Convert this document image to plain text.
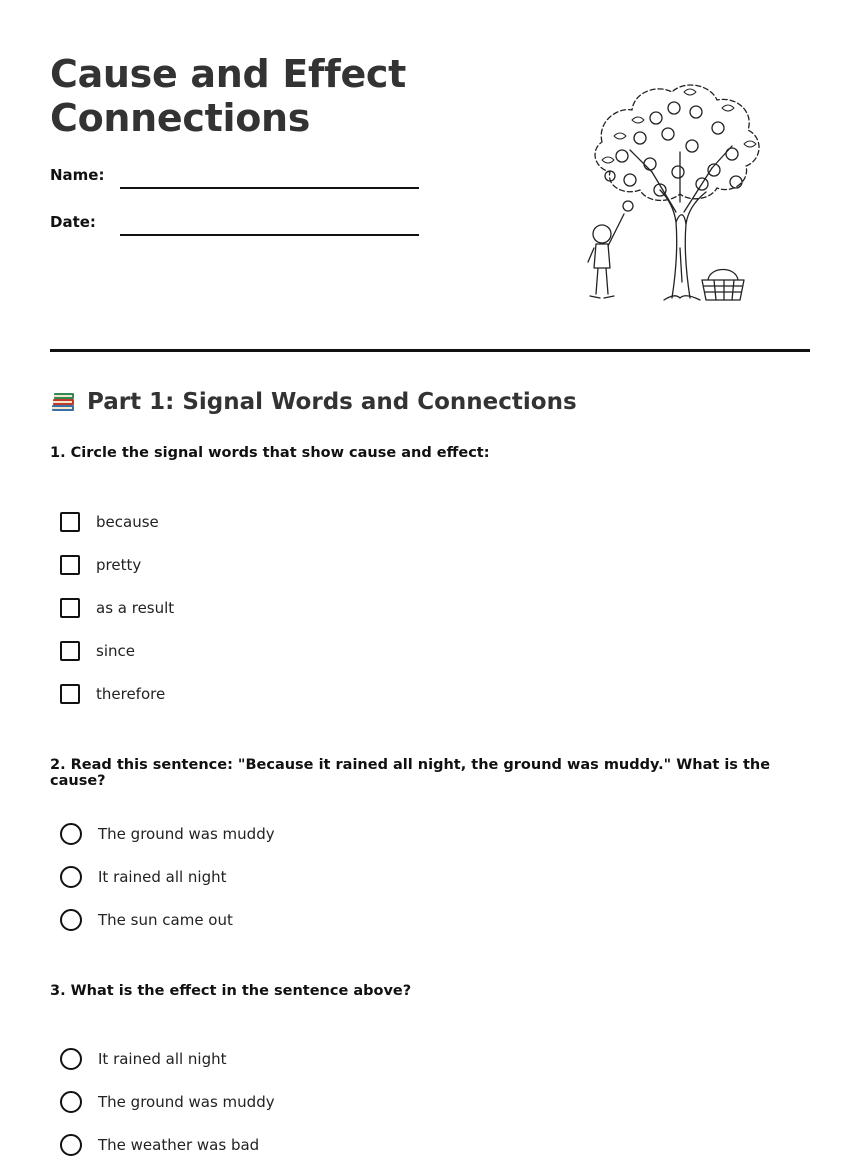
Cause and Effect
Connections
Name:
Date:
Part 1: Signal Words and Connections

1. Circle the signal words that show cause and effect:

because
pretty
as a result
since
therefore

2. Read this sentence: "Because it rained all night, the ground was muddy." What is the cause?

The ground was muddy
It rained all night
The sun came out

3. What is the effect in the sentence above?

It rained all night
The ground was muddy
The weather was bad
